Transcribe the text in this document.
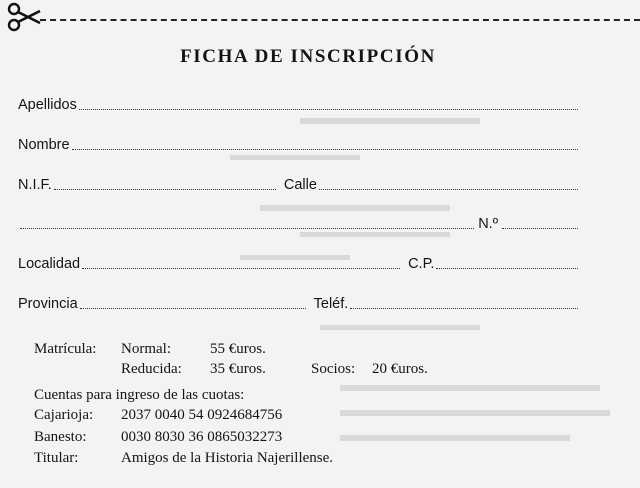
FICHA DE INSCRIPCIÓN
Apellidos
Nombre
N.I.F.	Calle
N.º
Localidad	C.P.
Provincia	Teléf.
Matrícula: Normal:	55 €uros.
Reducida: 35 €uros.	Socios: 20 €uros.
Cuentas para ingreso de las cuotas:
Cajarioja: 2037 0040 54 0924684756
Banesto: 0030 8030 36 0865032273
Titular:	Amigos de la Historia Najerillense.
